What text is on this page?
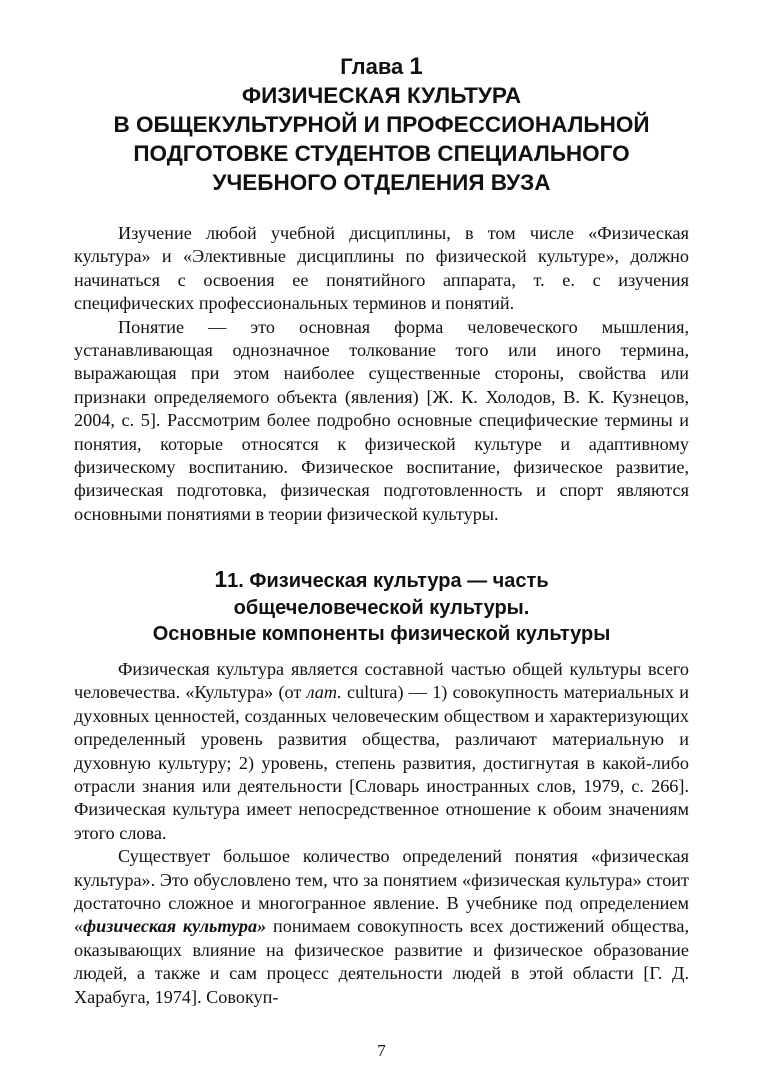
Глава 1
ФИЗИЧЕСКАЯ КУЛЬТУРА
В ОБЩЕКУЛЬТУРНОЙ И ПРОФЕССИОНАЛЬНОЙ
ПОДГОТОВКЕ СТУДЕНТОВ СПЕЦИАЛЬНОГО
УЧЕБНОГО ОТДЕЛЕНИЯ ВУЗА

Изучение любой учебной дисциплины, в том числе «Физическая культура» и «Элективные дисциплины по физической культуре», должно начинаться с освоения ее понятийного аппарата, т. е. с изучения специфических профессиональных терминов и понятий.

Понятие — это основная форма человеческого мышления, устанавливающая однозначное толкование того или иного термина, выражающая при этом наиболее существенные стороны, свойства или признаки определяемого объекта (явления) [Ж. К. Холодов, В. К. Кузнецов, 2004, с. 5]. Рассмотрим более подробно основные специфические термины и понятия, которые относятся к физической культуре и адаптивному физическому воспитанию. Физическое воспитание, физическое развитие, физическая подготовка, физическая подготовленность и спорт являются основными понятиями в теории физической культуры.

11. Физическая культура — часть
общечеловеческой культуры.
Основные компоненты физической культуры

Физическая культура является составной частью общей культуры всего человечества. «Культура» (от лат. cultura) — 1) совокупность материальных и духовных ценностей, созданных человеческим обществом и характеризующих определенный уровень развития общества, различают материальную и духовную культуру; 2) уровень, степень развития, достигнутая в какой-либо отрасли знания или деятельности [Словарь иностранных слов, 1979, с. 266]. Физическая культура имеет непосредственное отношение к обоим значениям этого слова.

Существует большое количество определений понятия «физическая культура». Это обусловлено тем, что за понятием «физическая культура» стоит достаточно сложное и многогранное явление. В учебнике под определением «физическая культура» понимаем совокупность всех достижений общества, оказывающих влияние на физическое развитие и физическое образование людей, а также и сам процесс деятельности людей в этой области [Г. Д. Харабуга, 1974]. Совокуп-

7
